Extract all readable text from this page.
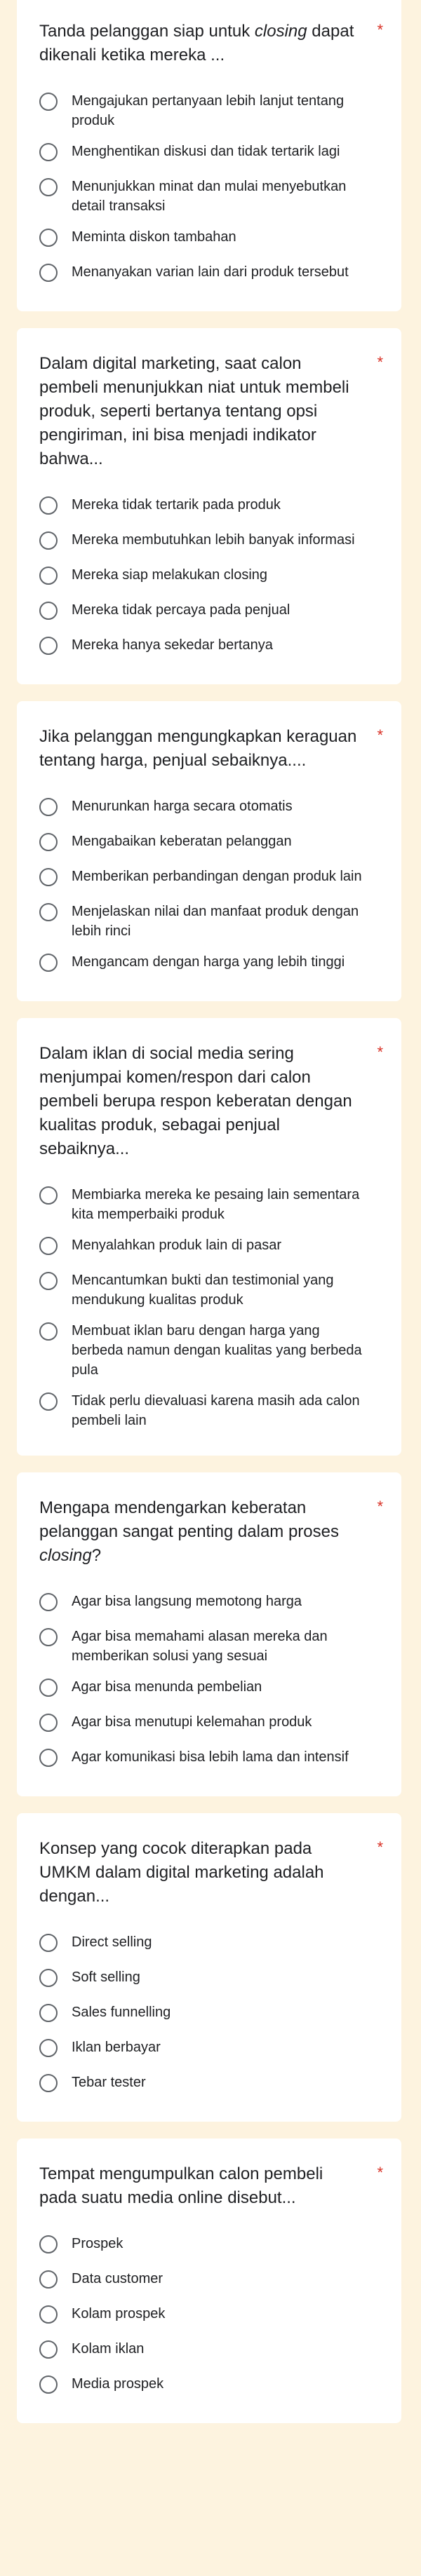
Tanda pelanggan siap untuk closing dapat dikenali ketika mereka ...
*
Mengajukan pertanyaan lebih lanjut tentang produk
Menghentikan diskusi dan tidak tertarik lagi
Menunjukkan minat dan mulai menyebutkan detail transaksi
Meminta diskon tambahan
Menanyakan varian lain dari produk tersebut
Dalam digital marketing, saat calon pembeli menunjukkan niat untuk membeli produk, seperti bertanya tentang opsi pengiriman, ini bisa menjadi indikator bahwa...
*
Mereka tidak tertarik pada produk
Mereka membutuhkan lebih banyak informasi
Mereka siap melakukan closing
Mereka tidak percaya pada penjual
Mereka hanya sekedar bertanya
Jika pelanggan mengungkapkan keraguan tentang harga, penjual sebaiknya....
*
Menurunkan harga secara otomatis
Mengabaikan keberatan pelanggan
Memberikan perbandingan dengan produk lain
Menjelaskan nilai dan manfaat produk dengan lebih rinci
Mengancam dengan harga yang lebih tinggi
Dalam iklan di social media sering menjumpai komen/respon dari calon pembeli berupa respon keberatan dengan kualitas produk, sebagai penjual sebaiknya...
*
Membiarka mereka ke pesaing lain sementara kita memperbaiki produk
Menyalahkan produk lain di pasar
Mencantumkan bukti dan testimonial yang mendukung kualitas produk
Membuat iklan baru dengan harga yang berbeda namun dengan kualitas yang berbeda pula
Tidak perlu dievaluasi karena masih ada calon pembeli lain
Mengapa mendengarkan keberatan pelanggan sangat penting dalam proses closing?
*
Agar bisa langsung memotong harga
Agar bisa memahami alasan mereka dan memberikan solusi yang sesuai
Agar bisa menunda pembelian
Agar bisa menutupi kelemahan produk
Agar komunikasi bisa lebih lama dan intensif
Konsep yang cocok diterapkan pada UMKM dalam digital marketing adalah dengan...
*
Direct selling
Soft selling
Sales funnelling
Iklan berbayar
Tebar tester
Tempat mengumpulkan calon pembeli pada suatu media online disebut...
*
Prospek
Data customer
Kolam prospek
Kolam iklan
Media prospek
